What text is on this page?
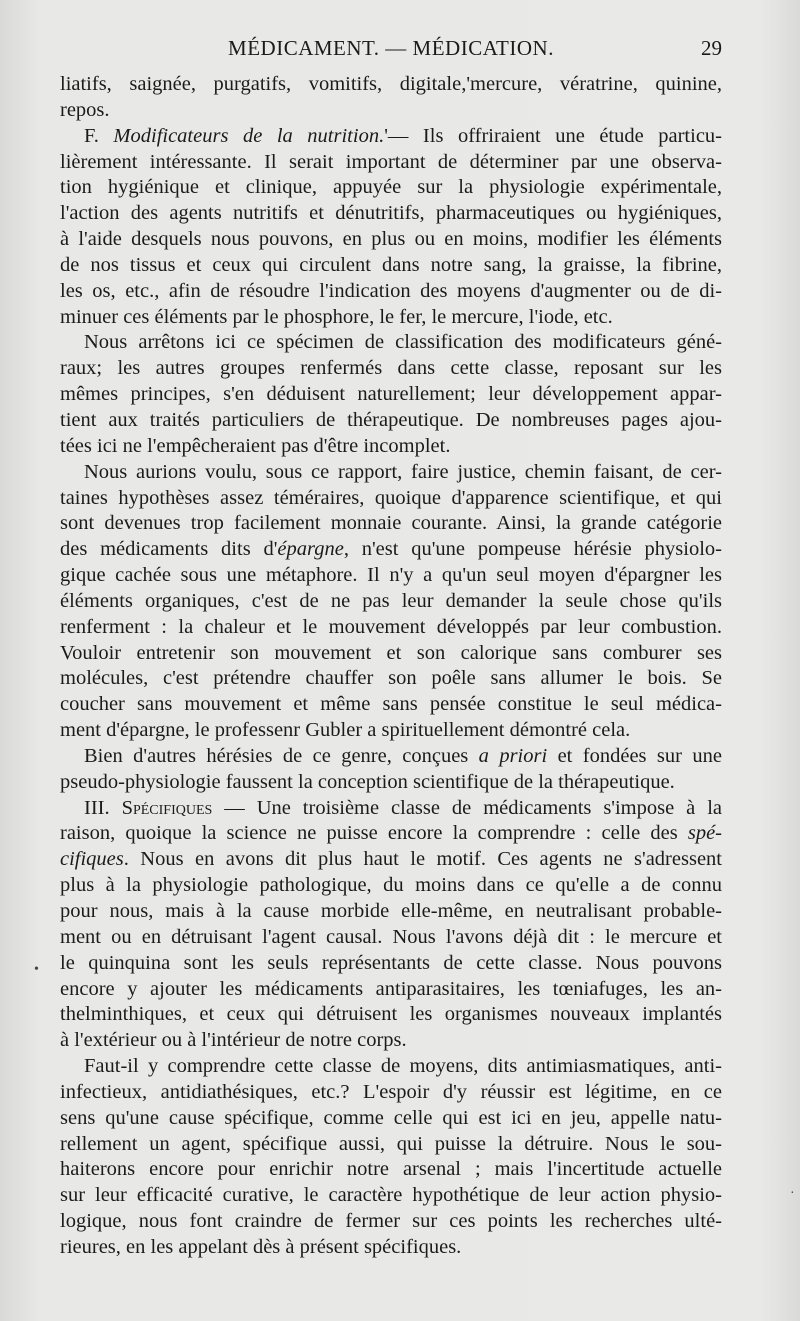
MÉDICAMENT. — MÉDICATION.	29
liatifs, saignée, purgatifs, vomitifs, digitale,'mercure, vératrine, quinine,
repos.
F. Modificateurs de la nutrition.'— Ils offriraient une étude particu-
lièrement intéressante. Il serait important de déterminer par une observa-
tion hygiénique et clinique, appuyée sur la physiologie expérimentale,
l'action des agents nutritifs et dénutritifs, pharmaceutiques ou hygiéniques,
à l'aide desquels nous pouvons, en plus ou en moins, modifier les éléments
de nos tissus et ceux qui circulent dans notre sang, la graisse, la fibrine,
les os, etc., afin de résoudre l'indication des moyens d'augmenter ou de di-
minuer ces éléments par le phosphore, le fer, le mercure, l'iode, etc.
Nous arrêtons ici ce spécimen de classification des modificateurs géné-
raux; les autres groupes renfermés dans cette classe, reposant sur les
mêmes principes, s'en déduisent naturellement; leur développement appar-
tient aux traités particuliers de thérapeutique. De nombreuses pages ajou-
tées ici ne l'empêcheraient pas d'être incomplet.
Nous aurions voulu, sous ce rapport, faire justice, chemin faisant, de cer-
taines hypothèses assez téméraires, quoique d'apparence scientifique, et qui
sont devenues trop facilement monnaie courante. Ainsi, la grande catégorie
des médicaments dits d'épargne, n'est qu'une pompeuse hérésie physiolo-
gique cachée sous une métaphore. Il n'y a qu'un seul moyen d'épargner les
éléments organiques, c'est de ne pas leur demander la seule chose qu'ils
renferment : la chaleur et le mouvement développés par leur combustion.
Vouloir entretenir son mouvement et son calorique sans comburer ses
molécules, c'est prétendre chauffer son poêle sans allumer le bois. Se
coucher sans mouvement et même sans pensée constitue le seul médica-
ment d'épargne, le professenr Gubler a spirituellement démontré cela.
Bien d'autres hérésies de ce genre, conçues a priori et fondées sur une
pseudo-physiologie faussent la conception scientifique de la thérapeutique.
III. Spécifiques — Une troisième classe de médicaments s'impose à la
raison, quoique la science ne puisse encore la comprendre : celle des spé-
cifiques. Nous en avons dit plus haut le motif. Ces agents ne s'adressent
plus à la physiologie pathologique, du moins dans ce qu'elle a de connu
pour nous, mais à la cause morbide elle-même, en neutralisant probable-
ment ou en détruisant l'agent causal. Nous l'avons déjà dit : le mercure et
le quinquina sont les seuls représentants de cette classe. Nous pouvons
encore y ajouter les médicaments antiparasitaires, les tœniafuges, les an-
thelminthiques, et ceux qui détruisent les organismes nouveaux implantés
à l'extérieur ou à l'intérieur de notre corps.
Faut-il y comprendre cette classe de moyens, dits antimiasmatiques, anti-
infectieux, antidiathésiques, etc.? L'espoir d'y réussir est légitime, en ce
sens qu'une cause spécifique, comme celle qui est ici en jeu, appelle natu-
rellement un agent, spécifique aussi, qui puisse la détruire. Nous le sou-
haiterons encore pour enrichir notre arsenal ; mais l'incertitude actuelle
sur leur efficacité curative, le caractère hypothétique de leur action physio-
logique, nous font craindre de fermer sur ces points les recherches ulté-
rieures, en les appelant dès à présent spécifiques.
•
·
